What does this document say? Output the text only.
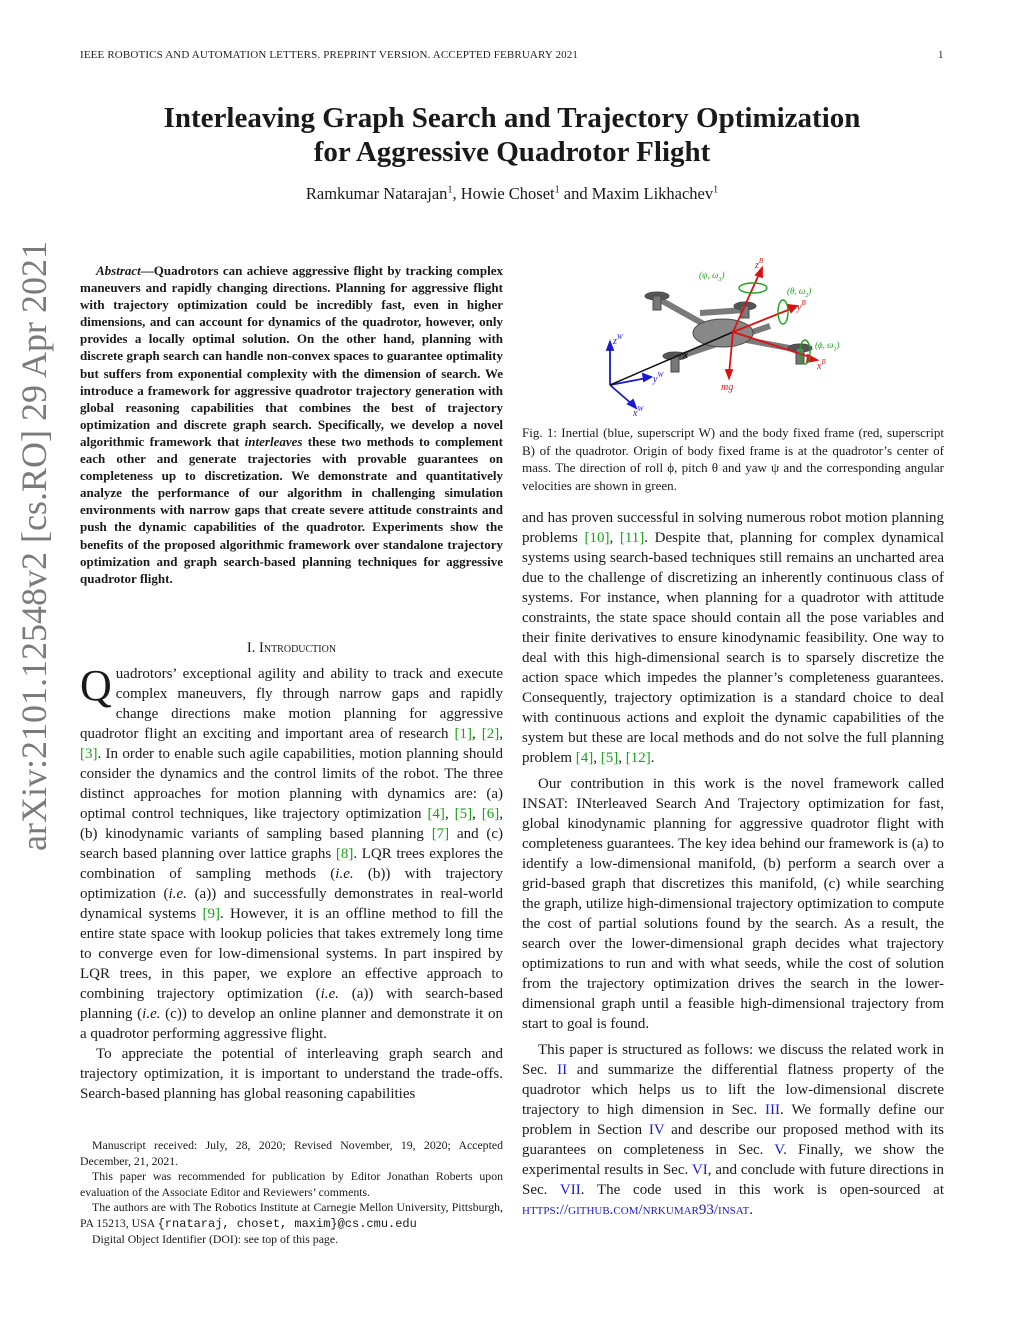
IEEE ROBOTICS AND AUTOMATION LETTERS. PREPRINT VERSION. ACCEPTED FEBRUARY 2021	1
Interleaving Graph Search and Trajectory Optimization
for Aggressive Quadrotor Flight
Ramkumar Natarajan$^1$, Howie Choset$^1$ and Maxim Likhachev$^1$
arXiv:2101.12548v2 [cs.RO] 29 Apr 2021	Abstract—Quadrotors can achieve aggressive flight by tracking complex maneuvers and rapidly changing directions. Planning for aggressive flight with trajectory optimization could be incredibly fast, even in higher dimensions, and can account for dynamics of the quadrotor, however, only provides a locally optimal solution. On the other hand, planning with discrete graph search can handle non-convex spaces to guarantee optimality but suffers from exponential complexity with the dimension of search. We introduce a framework for aggressive quadrotor trajectory generation with global reasoning capabilities that combines the best of trajectory optimization and discrete graph search. Specifically, we develop a novel algorithmic framework that interleaves these two methods to complement each other and generate trajectories with provable guarantees on completeness up to discretization. We demonstrate and quantitatively analyze the performance of our algorithm in challenging simulation environments with narrow gaps that create severe attitude constraints and push the dynamic capabilities of the quadrotor. Experiments show the benefits of the proposed algorithmic framework over standalone trajectory optimization and graph search-based planning techniques for aggressive quadrotor flight.
I. Introduction

Quadrotors’ exceptional agility and ability to track and execute complex maneuvers, fly through narrow gaps and rapidly change directions make motion planning for aggressive quadrotor flight an exciting and important area of research [1], [2], [3]. In order to enable such agile capabilities, motion planning should consider the dynamics and the control limits of the robot. The three distinct approaches for motion planning with dynamics are: (a) optimal control techniques, like trajectory optimization [4], [5], [6], (b) kinodynamic variants of sampling based planning [7] and (c) search based planning over lattice graphs [8]. LQR trees explores the combination of sampling methods (i.e. (b)) with trajectory optimization (i.e. (a)) and successfully demonstrates in real-world dynamical systems [9]. However, it is an offline method to fill the entire state space with lookup policies that takes extremely long time to converge even for low-dimensional systems. In part inspired by LQR trees, in this paper, we explore an effective approach to combining trajectory optimization (i.e. (a)) with search-based planning (i.e. (c)) to develop an online planner and demonstrate it on a quadrotor performing aggressive flight.

To appreciate the potential of interleaving graph search and trajectory optimization, it is important to understand the trade-offs. Search-based planning has global reasoning capabilities

Manuscript received: July, 28, 2020; Revised November, 19, 2020; Accepted December, 21, 2021.

This paper was recommended for publication by Editor Jonathan Roberts upon evaluation of the Associate Editor and Reviewers’ comments.

The authors are with The Robotics Institute at Carnegie Mellon University, Pittsburgh, PA 15213, USA {rnataraj, choset, maxim}@cs.cmu.edu

Digital Object Identifier (DOI): see top of this page.

$z^W$
$y^W$
$x^W$
x
$z^B$
$y^B$
$x^B$
mg
(ψ, $\omega_3$)
(θ, $\omega_2$)
(ϕ, $\omega_1$)
Fig. 1: Inertial (blue, superscript W) and the body fixed frame (red, superscript B) of the quadrotor. Origin of body fixed frame is at the quadrotor’s center of mass. The direction of roll ϕ, pitch θ and yaw ψ and the corresponding angular velocities are shown in green.

and has proven successful in solving numerous robot motion planning problems [10], [11]. Despite that, planning for complex dynamical systems using search-based techniques still remains an uncharted area due to the challenge of discretizing an inherently continuous class of systems. For instance, when planning for a quadrotor with attitude constraints, the state space should contain all the pose variables and their finite derivatives to ensure kinodynamic feasibility. One way to deal with this high-dimensional search is to sparsely discretize the action space which impedes the planner’s completeness guarantees. Consequently, trajectory optimization is a standard choice to deal with continuous actions and exploit the dynamic capabilities of the system but these are local methods and do not solve the full planning problem [4], [5], [12].

Our contribution in this work is the novel framework called INSAT: INterleaved Search And Trajectory optimization for fast, global kinodynamic planning for aggressive quadrotor flight with completeness guarantees. The key idea behind our framework is (a) to identify a low-dimensional manifold, (b) perform a search over a grid-based graph that discretizes this manifold, (c) while searching the graph, utilize high-dimensional trajectory optimization to compute the cost of partial solutions found by the search. As a result, the search over the lower-dimensional graph decides what trajectory optimizations to run and with what seeds, while the cost of solution from the trajectory optimization drives the search in the lower-dimensional graph until a feasible high-dimensional trajectory from start to goal is found.

This paper is structured as follows: we discuss the related work in Sec. II and summarize the differential flatness property of the quadrotor which helps us to lift the low-dimensional discrete trajectory to high dimension in Sec. III. We formally define our problem in Section IV and describe our proposed method with its guarantees on completeness in Sec. V. Finally, we show the experimental results in Sec. VI, and conclude with future directions in Sec. VII. The code used in this work is open-sourced at https://github.com/nrkumar93/insat.
